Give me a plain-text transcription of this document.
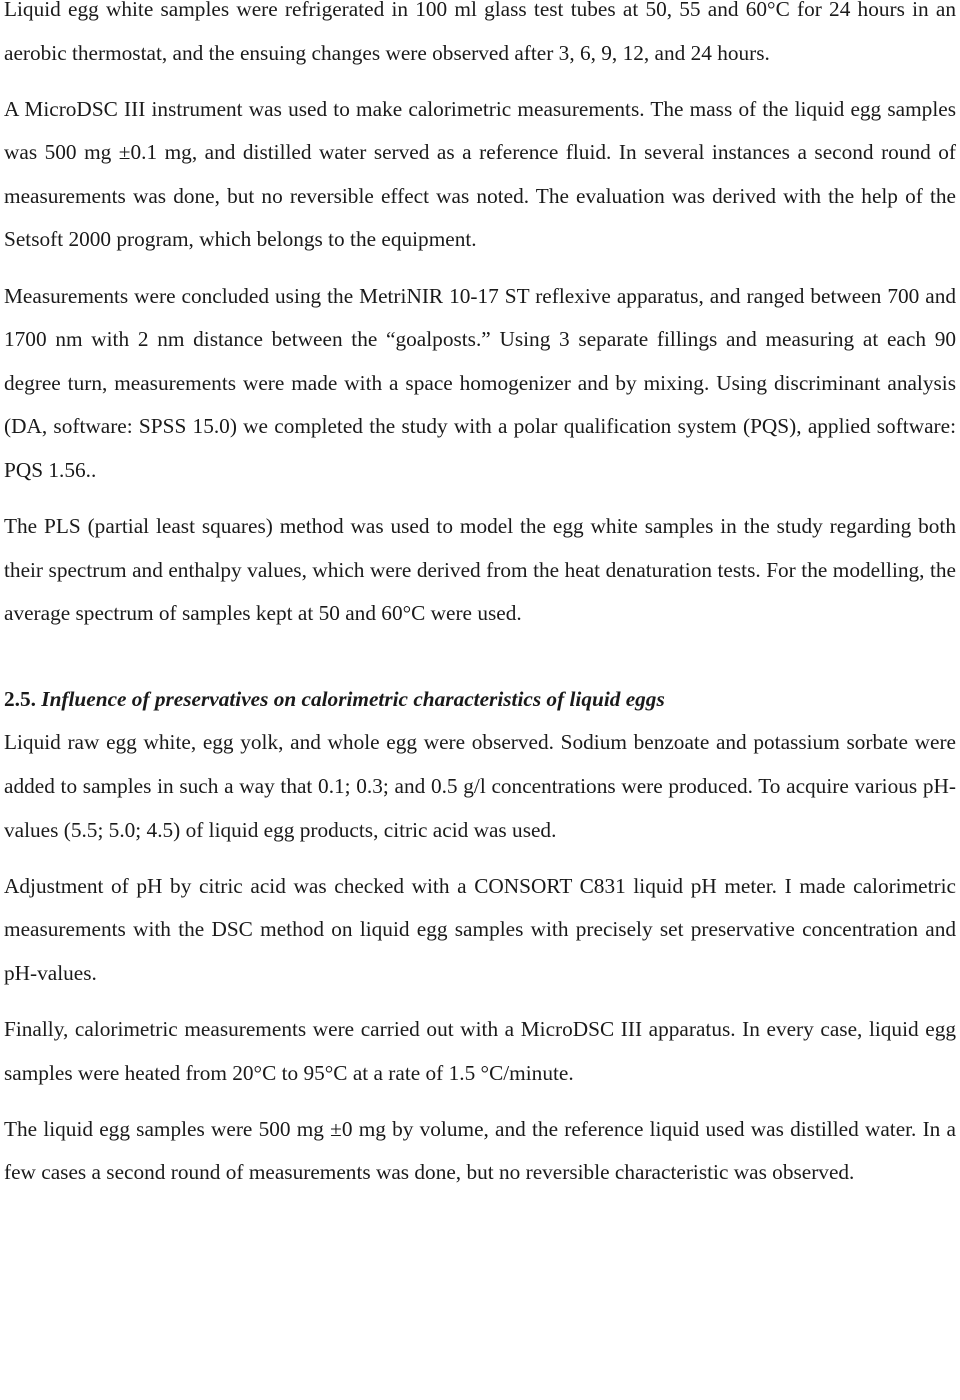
Liquid egg white samples were refrigerated in 100 ml glass test tubes at 50, 55 and 60°C for 24 hours in an aerobic thermostat, and the ensuing changes were observed after 3, 6, 9, 12, and 24 hours.

A MicroDSC III instrument was used to make calorimetric measurements. The mass of the liquid egg samples was 500 mg ±0.1 mg, and distilled water served as a reference fluid. In several instances a second round of measurements was done, but no reversible effect was noted. The evaluation was derived with the help of the Setsoft 2000 program, which belongs to the equipment.

Measurements were concluded using the MetriNIR 10-17 ST reflexive apparatus, and ranged between 700 and 1700 nm with 2 nm distance between the “goalposts.” Using 3 separate fillings and measuring at each 90 degree turn, measurements were made with a space homogenizer and by mixing. Using discriminant analysis (DA, software: SPSS 15.0) we completed the study with a polar qualification system (PQS), applied software: PQS 1.56..

The PLS (partial least squares) method was used to model the egg white samples in the study regarding both their spectrum and enthalpy values, which were derived from the heat denaturation tests. For the modelling, the average spectrum of samples kept at 50 and 60°C were used.

2.5. Influence of preservatives on calorimetric characteristics of liquid eggs

Liquid raw egg white, egg yolk, and whole egg were observed. Sodium benzoate and potassium sorbate were added to samples in such a way that 0.1; 0.3; and 0.5 g/l concentrations were produced. To acquire various pH-values (5.5; 5.0; 4.5) of liquid egg products, citric acid was used.

Adjustment of pH by citric acid was checked with a CONSORT C831 liquid pH meter. I made calorimetric measurements with the DSC method on liquid egg samples with precisely set preservative concentration and pH-values.

Finally, calorimetric measurements were carried out with a MicroDSC III apparatus. In every case, liquid egg samples were heated from 20°C to 95°C at a rate of 1.5 °C/minute.

The liquid egg samples were 500 mg ±0 mg by volume, and the reference liquid used was distilled water. In a few cases a second round of measurements was done, but no reversible characteristic was observed.
